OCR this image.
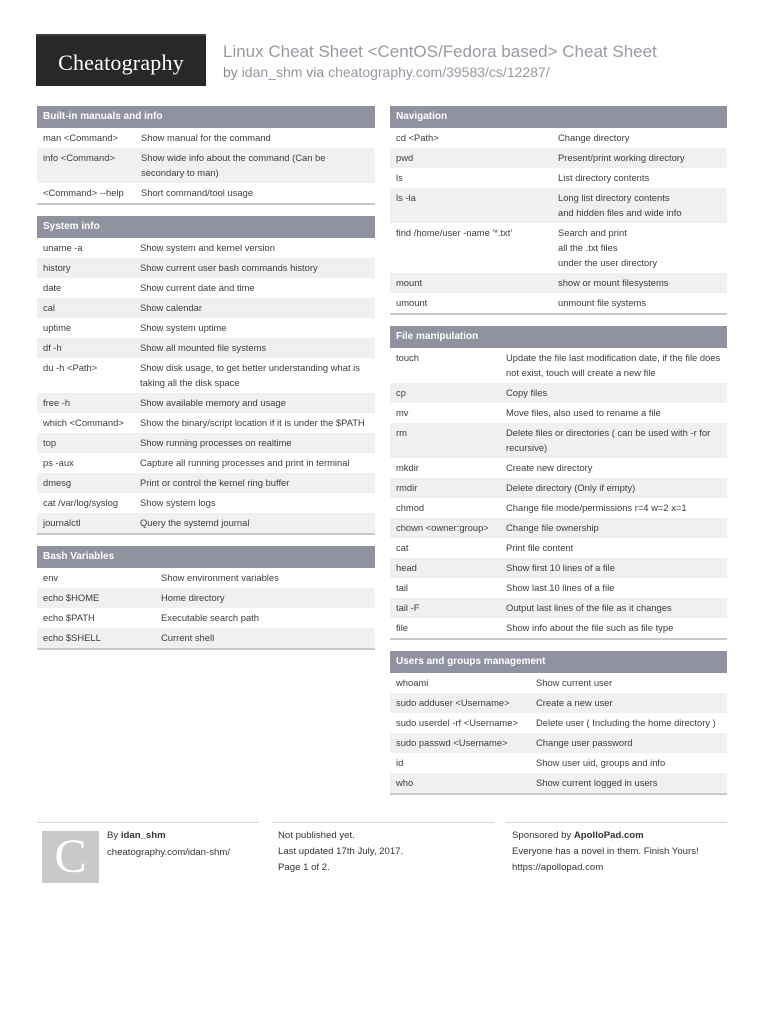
Cheatography	Linux Cheat Sheet <CentOS/Fedora based> Cheat Sheet
by idan_shm via cheatography.com/39583/cs/12287/
Built-in manuals and info
man <Command>	Show manual for the command
info <Command>	Show wide info about the command (Can be secondary to man)
<Command> --help	Short command/tool usage
System info
uname -a	Show system and kernel version
history	Show current user bash commands history
date	Show current date and time
cal	Show calendar
uptime	Show system uptime
df -h	Show all mounted file systems
du -h <Path>	Show disk usage, to get better understanding what is taking all the disk space
free -h	Show available memory and usage
which <Command>	Show the binary/script location if it is under the $PATH
top	Show running processes on realtime
ps -aux	Capture all running processes and print in terminal
dmesg	Print or control the kernel ring buffer
cat /var/log/syslog	Show system logs
journalctl	Query the systemd journal
Bash Variables
env	Show environment variables
echo $HOME	Home directory
echo $PATH	Executable search path
echo $SHELL	Current shell
Navigation
cd <Path>	Change directory
pwd	Present/print working directory
ls	List directory contents
ls -la	Long list directory contents
and hidden files and wide info
find /home/user -name '*.txt'	Search and print
all the .txt files
under the user directory
mount	show or mount filesystems
umount	unmount file systems
File manipulation
touch	Update the file last modification date, if the file does not exist, touch will create a new file
cp	Copy files
mv	Move files, also used to rename a file
rm	Delete files or directories ( can be used with -r for recursive)
mkdir	Create new directory
rmdir	Delete directory (Only if empty)
chmod	Change file mode/permissions r=4 w=2 x=1
chown <owner:group>	Change file ownership
cat	Print file content
head	Show first 10 lines of a file
tail	Show last 10 lines of a file
tail -F	Output last lines of the file as it changes
file	Show info about the file such as file type
Users and groups management
whoami	Show current user
sudo adduser <Username>	Create a new user
sudo userdel -rf <Username>	Delete user ( Including the home directory )
sudo passwd <Username>	Change user password
id	Show user uid, groups and info
who	Show current logged in users
C	By idan_shm
cheatography.com/idan-shm/
Not published yet.
Last updated 17th July, 2017.
Page 1 of 2.
Sponsored by ApolloPad.com
Everyone has a novel in them. Finish Yours!
https://apollopad.com
